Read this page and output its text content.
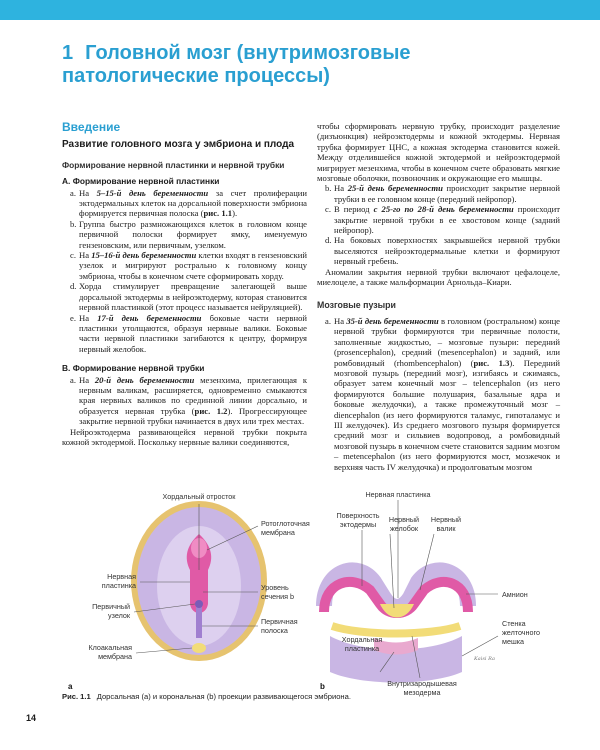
1 Головной мозг (внутримозговые патологические процессы)
Введение
Развитие головного мозга у эмбриона и плода
Формирование нервной пластинки и нервной трубки
A. Формирование нервной пластинки
a. На 5–15-й день беременности за счет пролиферации эктодермальных клеток на дорсальной поверхности эмбриона формируется первичная полоска (рис. 1.1).
b. Группа быстро размножающихся клеток в головном конце первичной полоски формирует ямку, именуемую гензеновским, или первичным, узелком.
c. На 15–16-й день беременности клетки входят в гензеновский узелок и мигрируют рострально к головному концу эмбриона, чтобы в конечном счете сформировать хорду.
d. Хорда стимулирует превращение залегающей выше дорсальной эктодермы в нейроэктодерму, которая становится нервной пластинкой (этот процесс называется нейруляцией).
e. На 17-й день беременности боковые части нервной пластинки утолщаются, образуя нервные валики. Боковые части нервной пластинки загибаются к центру, формируя нервный желобок.
B. Формирование нервной трубки
a. На 20-й день беременности мезенхима, прилегающая к нервным валикам, расширяется, одновременно смыкаются края нервных валиков по срединной линии дорсально, и образуется нервная трубка (рис. 1.2). Прогрессирующее закрытие нервной трубки начинается в двух или трех местах.

Нейроэктодерма развивающейся нервной трубки покрыта кожной эктодермой. Поскольку нервные валики соединяются,

чтобы сформировать нервную трубку, происходит разделение (дизъюнкция) нейроэктодермы и кожной эктодермы. Нервная трубка формирует ЦНС, а кожная эктодерма становится кожей. Между отделившейся кожной эктодермой и нейроэктодермой мигрирует мезенхима, чтобы в конечном счете образовать мягкие мозговые оболочки, позвоночник и окружающие его мышцы.

b. На 25-й день беременности происходит закрытие нервной трубки в ее головном конце (передний нейропор).
c. В период с 25-го по 28-й день беременности происходит закрытие нервной трубки в ее хвостовом конце (задний нейропор).
d. На боковых поверхностях закрывшейся нервной трубки выселяются нейроэктодермальные клетки и формируют нервный гребень.

Аномалии закрытия нервной трубки включают цефалоцеле, миелоцеле, а также мальформации Арнольда–Киари.

Мозговые пузыри
a. На 35-й день беременности в головном (ростральном) конце нервной трубки формируются три первичные полости, заполненные жидкостью, – мозговые пузыри: передний (prosencephalon), средний (mesencephalon) и задний, или ромбовидный (rhombencephalon) (рис. 1.3). Передний мозговой пузырь (передний мозг), изгибаясь и сжимаясь, образует затем конечный мозг – telencephalon (из него формируются большие полушария, базальные ядра и боковые желудочки), а также промежуточный мозг – diencephalon (из него формируются таламус, гипоталамус и III желудочек). Из среднего мозгового пузыря формируется средний мозг и сильвиев водопровод, а ромбовидный мозговой пузырь в конечном счете становится задним мозгом – metencephalon (из него формируются мост, мозжечок и верхняя часть IV желудочка) и продолговатым мозгом
Хордальный отросток
Нервная
пластинка
Первичный
узелок
Клоакальная
мембрана
Ротоглоточная
мембрана
Уровень
сечения b
Первичная
полоска
a
Нервная пластинка
Поверхность
эктодермы
Нервный
желобок
Нервный
валик
Амнион
Стенка
желточного
мешка
Хордальная
пластинка
Внутризародышевая
мезодерма
Kaisi Ra
b
Рис. 1.1 Дорсальная (a) и корональная (b) проекции развивающегося эмбриона.
14
